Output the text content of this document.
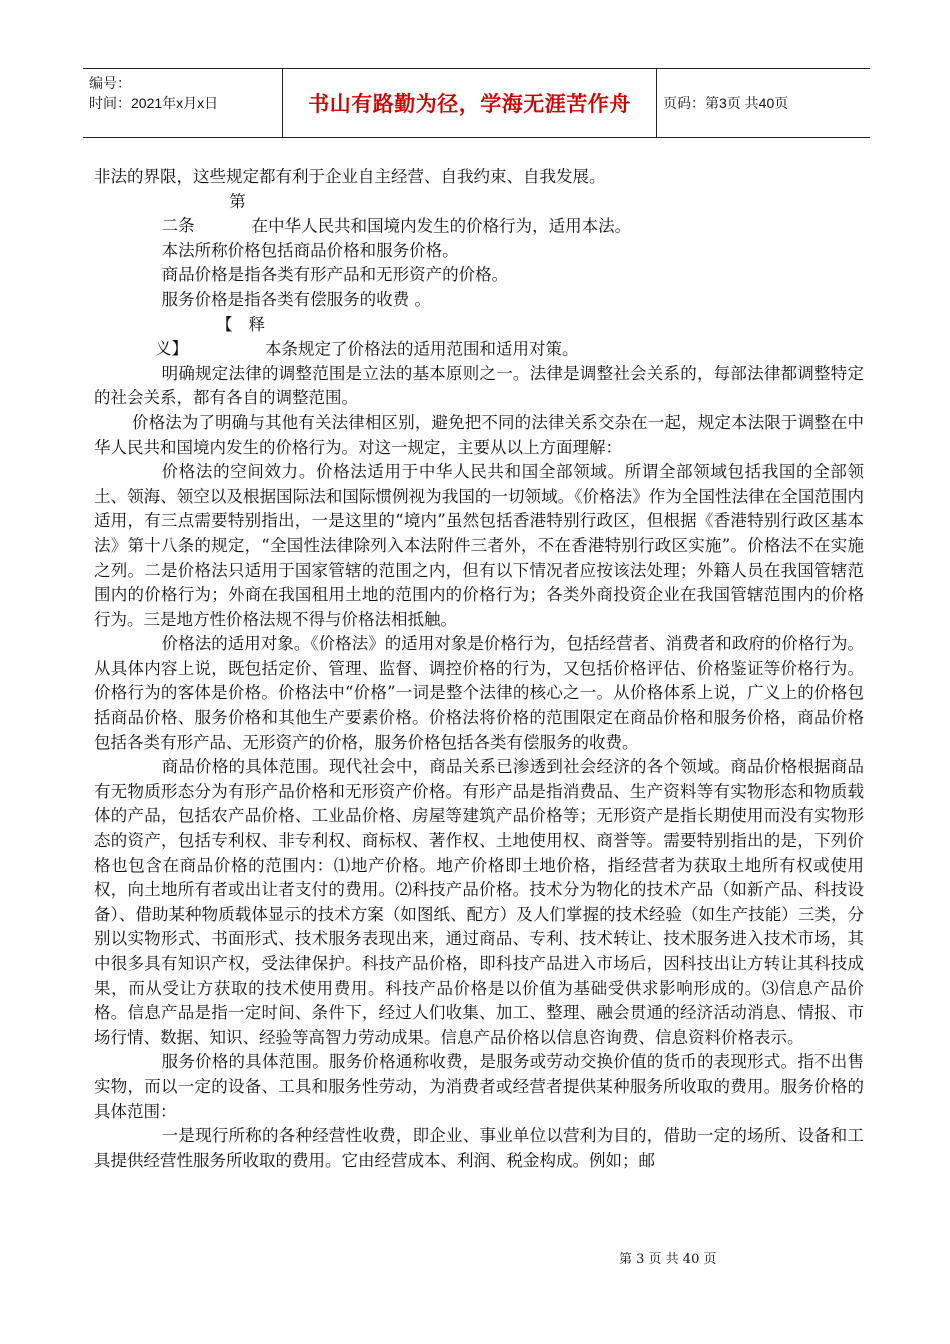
编号：
时间：2021年x月x日	书山有路勤为径，学海无涯苦作舟	页码：第3页 共40页

非法的界限，这些规定都有利于企业自主经营、自我约束、自我发展。

第二条	在中华人民共和国境内发生的价格行为，适用本法。

本法所称价格包括商品价格和服务价格。

商品价格是指各类有形产品和无形资产的价格。

服务价格是指各类有偿服务的收费 。

【释义】	本条规定了价格法的适用范围和适用对策。

明确规定法律的调整范围是立法的基本原则之一。法律是调整社会关系的，每部法律都调整特定的社会关系，都有各自的调整范围。

价格法为了明确与其他有关法律相区别，避免把不同的法律关系交杂在一起，规定本法限于调整在中华人民共和国境内发生的价格行为。对这一规定，主要从以上方面理解：

价格法的空间效力。价格法适用于中华人民共和国全部领域。所谓全部领域包括我国的全部领土、领海、领空以及根据国际法和国际惯例视为我国的一切领域。《价格法》作为全国性法律在全国范围内适用，有三点需要特别指出，一是这里的“境内”虽然包括香港特别行政区，但根据《香港特别行政区基本法》第十八条的规定，“全国性法律除列入本法附件三者外，不在香港特别行政区实施”。价格法不在实施之列。二是价格法只适用于国家管辖的范围之内，但有以下情况者应按该法处理；外籍人员在我国管辖范围内的价格行为；外商在我国租用土地的范围内的价格行为；各类外商投资企业在我国管辖范围内的价格行为。三是地方性价格法规不得与价格法相抵触。

价格法的适用对象。《价格法》的适用对象是价格行为，包括经营者、消费者和政府的价格行为。从具体内容上说，既包括定价、管理、监督、调控价格的行为，又包括价格评估、价格鉴证等价格行为。价格行为的客体是价格。价格法中“价格”一词是整个法律的核心之一。从价格体系上说，广义上的价格包括商品价格、服务价格和其他生产要素价格。价格法将价格的范围限定在商品价格和服务价格，商品价格包括各类有形产品、无形资产的价格，服务价格包括各类有偿服务的收费。

商品价格的具体范围。现代社会中，商品关系已渗透到社会经济的各个领域。商品价格根据商品有无物质形态分为有形产品价格和无形资产价格。有形产品是指消费品、生产资料等有实物形态和物质载体的产品，包括农产品价格、工业品价格、房屋等建筑产品价格等；无形资产是指长期使用而没有实物形态的资产，包括专利权、非专利权、商标权、著作权、土地使用权、商誉等。需要特别指出的是，下列价格也包含在商品价格的范围内：⑴地产价格。地产价格即土地价格，指经营者为获取土地所有权或使用权，向土地所有者或出让者支付的费用。⑵科技产品价格。技术分为物化的技术产品（如新产品、科技设备）、借助某种物质载体显示的技术方案（如图纸、配方）及人们掌握的技术经验（如生产技能）三类，分别以实物形式、书面形式、技术服务表现出来，通过商品、专利、技术转让、技术服务进入技术市场，其中很多具有知识产权，受法律保护。科技产品价格，即科技产品进入市场后，因科技出让方转让其科技成果，而从受让方获取的技术使用费用。科技产品价格是以价值为基础受供求影响形成的。⑶信息产品价格。信息产品是指一定时间、条件下，经过人们收集、加工、整理、融会贯通的经济活动消息、情报、市场行情、数据、知识、经验等高智力劳动成果。信息产品价格以信息咨询费、信息资料价格表示。

服务价格的具体范围。服务价格通称收费，是服务或劳动交换价值的货币的表现形式。指不出售实物，而以一定的设备、工具和服务性劳动，为消费者或经营者提供某种服务所收取的费用。服务价格的具体范围：

一是现行所称的各种经营性收费，即企业、事业单位以营利为目的，借助一定的场所、设备和工具提供经营性服务所收取的费用。它由经营成本、利润、税金构成。例如；邮

第 3 页 共 40 页
